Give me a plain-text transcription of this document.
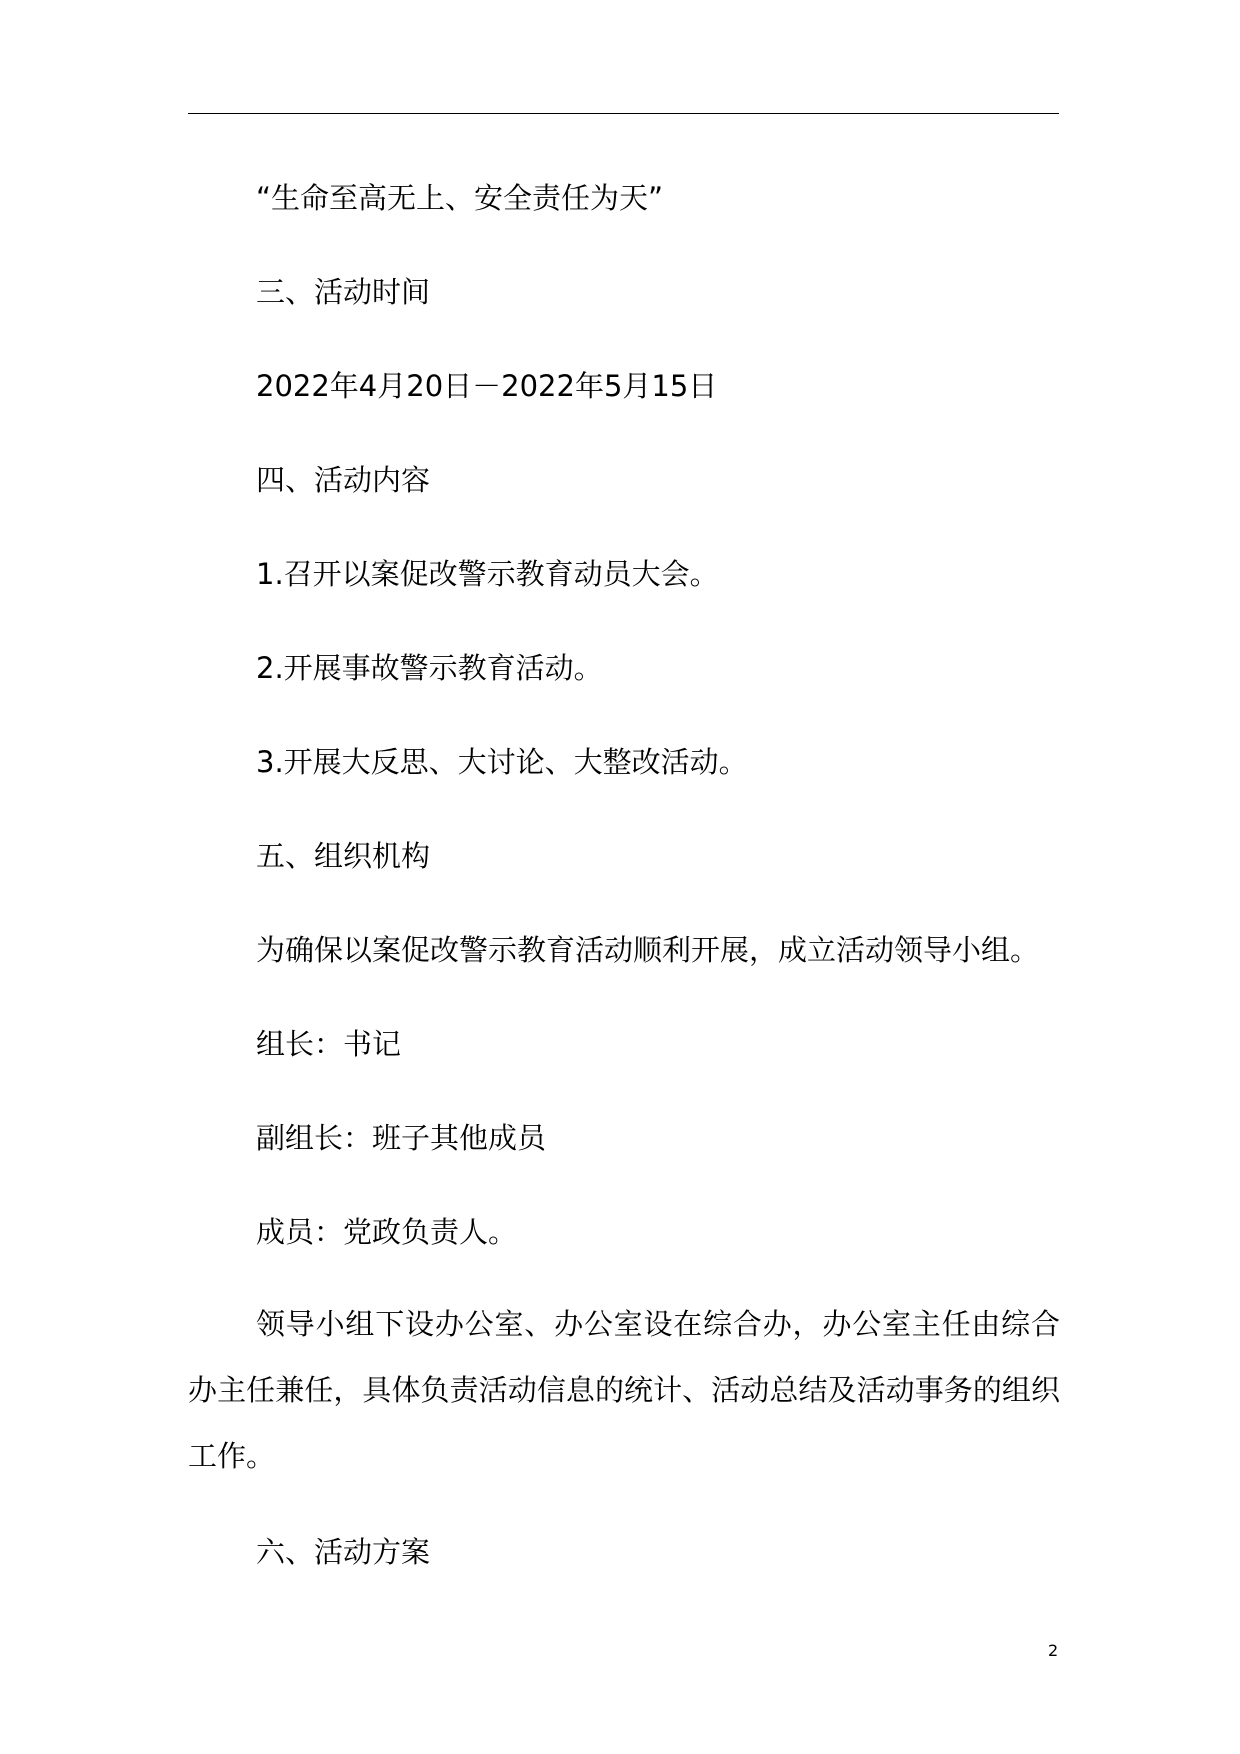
“生命至高无上、安全责任为天”
三、活动时间
2022年4月20日－2022年5月15日
四、活动内容
1.召开以案促改警示教育动员大会。
2.开展事故警示教育活动。
3.开展大反思、大讨论、大整改活动。
五、组织机构
为确保以案促改警示教育活动顺利开展，成立活动领导小组。
组长：书记
副组长：班子其他成员
成员：党政负责人。
领导小组下设办公室、办公室设在综合办，办公室主任由综合办主任兼任，具体负责活动信息的统计、活动总结及活动事务的组织工作。
六、活动方案
2
